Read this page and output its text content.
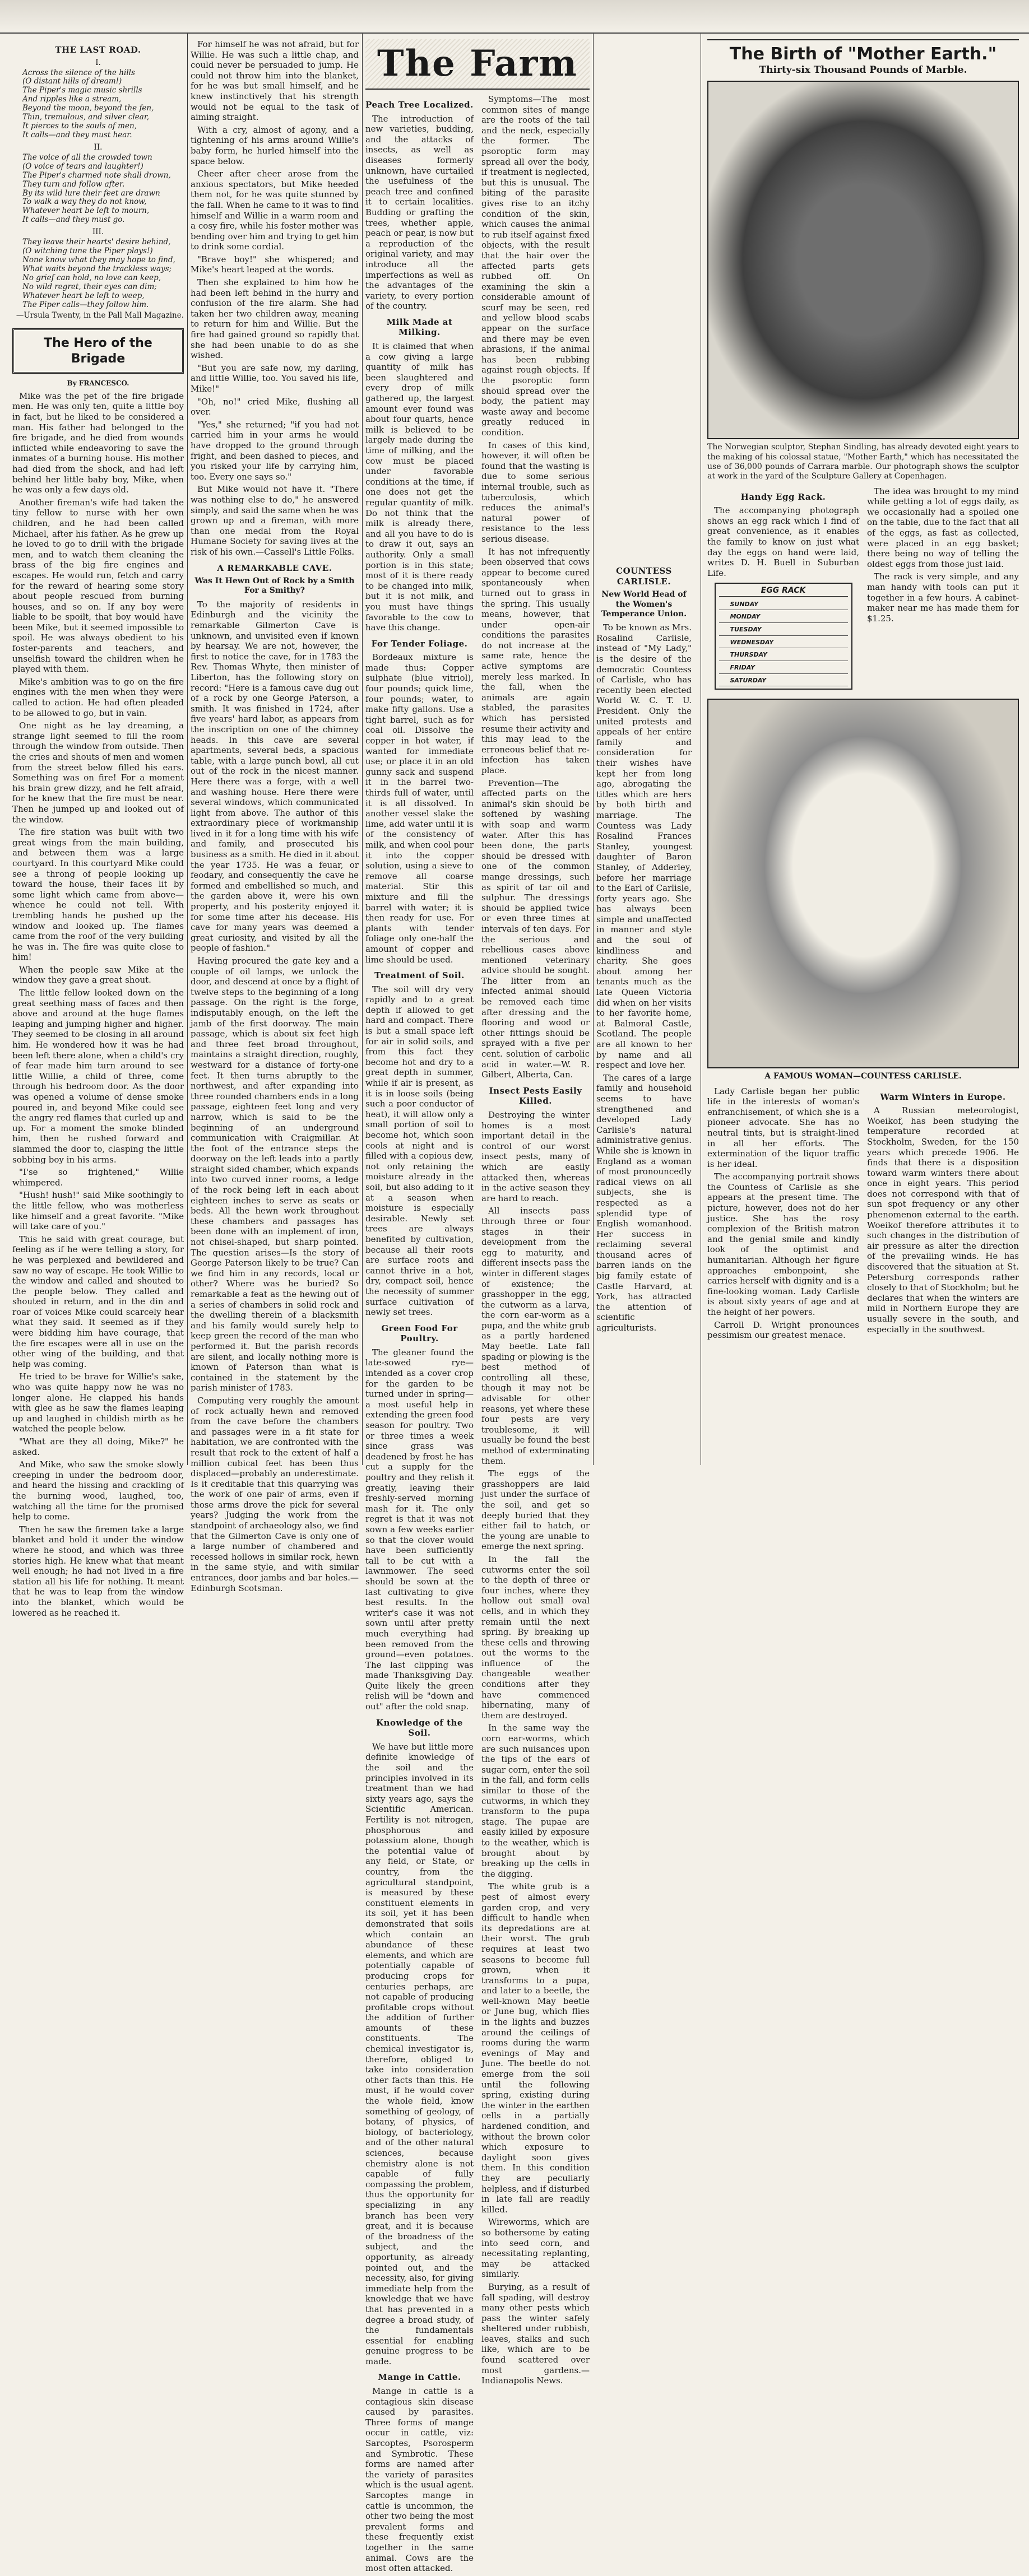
THE LAST ROAD.
I.

Across the silence of the hills

(O distant hills of dream!)

The Piper's magic music shrills

And ripples like a stream,

Beyond the moon, beyond the fen,

Thin, tremulous, and silver clear,

It pierces to the souls of men,

It calls—and they must hear.

II.

The voice of all the crowded town

(O voice of tears and laughter!)

The Piper's charmed note shall drown,

They turn and follow after.

By its wild lure their feet are drawn

To walk a way they do not know,

Whatever heart be left to mourn,

It calls—and they must go.

III.

They leave their hearts' desire behind,

(O witching tune the Piper plays!)

None know what they may hope to find,

What waits beyond the trackless ways;

No grief can hold, no love can keep,

No wild regret, their eyes can dim;

Whatever heart be left to weep,

The Piper calls—they follow him.

—Ursula Twenty, in the Pall Mall Magazine.
The Hero of the Brigade
By FRANCESCO.

Mike was the pet of the fire brigade men. He was only ten, quite a little boy in fact, but he liked to be considered a man. His father had belonged to the fire brigade, and he died from wounds inflicted while endeavoring to save the inmates of a burning house. His mother had died from the shock, and had left behind her little baby boy, Mike, when he was only a few days old.

Another fireman's wife had taken the tiny fellow to nurse with her own children, and he had been called Michael, after his father. As he grew up he loved to go to drill with the brigade men, and to watch them cleaning the brass of the big fire engines and escapes. He would run, fetch and carry for the reward of hearing some story about people rescued from burning houses, and so on. If any boy were liable to be spoilt, that boy would have been Mike, but it seemed impossible to spoil. He was always obedient to his foster-parents and teachers, and unselfish toward the children when he played with them.

Mike's ambition was to go on the fire engines with the men when they were called to action. He had often pleaded to be allowed to go, but in vain.

One night as he lay dreaming, a strange light seemed to fill the room through the window from outside. Then the cries and shouts of men and women from the street below filled his ears. Something was on fire! For a moment his brain grew dizzy, and he felt afraid, for he knew that the fire must be near. Then he jumped up and looked out of the window.

The fire station was built with two great wings from the main building, and between them was a large courtyard. In this courtyard Mike could see a throng of people looking up toward the house, their faces lit by some light which came from above—whence he could not tell. With trembling hands he pushed up the window and looked up. The flames came from the roof of the very building he was in. The fire was quite close to him!

When the people saw Mike at the window they gave a great shout.

The little fellow looked down on the great seething mass of faces and then above and around at the huge flames leaping and jumping higher and higher. They seemed to be closing in all around him. He wondered how it was he had been left there alone, when a child's cry of fear made him turn around to see little Willie, a child of three, come through his bedroom door. As the door was opened a volume of dense smoke poured in, and beyond Mike could see the angry red flames that curled up and up. For a moment the smoke blinded him, then he rushed forward and slammed the door to, clasping the little sobbing boy in his arms.

"I'se so frightened," Willie whimpered.

"Hush! hush!" said Mike soothingly to the little fellow, who was motherless like himself and a great favorite. "Mike will take care of you."

This he said with great courage, but feeling as if he were telling a story, for he was perplexed and bewildered and saw no way of escape. He took Willie to the window and called and shouted to the people below. They called and shouted in return, and in the din and roar of voices Mike could scarcely hear what they said. It seemed as if they were bidding him have courage, that the fire escapes were all in use on the other wing of the building, and that help was coming.

He tried to be brave for Willie's sake, who was quite happy now he was no longer alone. He clapped his hands with glee as he saw the flames leaping up and laughed in childish mirth as he watched the people below.

"What are they all doing, Mike?" he asked.

And Mike, who saw the smoke slowly creeping in under the bedroom door, and heard the hissing and crackling of the burning wood, laughed, too, watching all the time for the promised help to come.

Then he saw the firemen take a large blanket and hold it under the window where he stood, and which was three stories high. He knew what that meant well enough; he had not lived in a fire station all his life for nothing. It meant that he was to leap from the window into the blanket, which would be lowered as he reached it.

For himself he was not afraid, but for Willie. He was such a little chap, and could never be persuaded to jump. He could not throw him into the blanket, for he was but small himself, and he knew instinctively that his strength would not be equal to the task of aiming straight.

With a cry, almost of agony, and a tightening of his arms around Willie's baby form, he hurled himself into the space below.

Cheer after cheer arose from the anxious spectators, but Mike heeded them not, for he was quite stunned by the fall. When he came to it was to find himself and Willie in a warm room and a cosy fire, while his foster mother was bending over him and trying to get him to drink some cordial.

"Brave boy!" she whispered; and Mike's heart leaped at the words.

Then she explained to him how he had been left behind in the hurry and confusion of the fire alarm. She had taken her two children away, meaning to return for him and Willie. But the fire had gained ground so rapidly that she had been unable to do as she wished.

"But you are safe now, my darling, and little Willie, too. You saved his life, Mike!"

"Oh, no!" cried Mike, flushing all over.

"Yes," she returned; "if you had not carried him in your arms he would have dropped to the ground through fright, and been dashed to pieces, and you risked your life by carrying him, too. Every one says so."

But Mike would not have it. "There was nothing else to do," he answered simply, and said the same when he was grown up and a fireman, with more than one medal from the Royal Humane Society for saving lives at the risk of his own.—Cassell's Little Folks.

A REMARKABLE CAVE.
Was It Hewn Out of Rock by a Smith For a Smithy?

To the majority of residents in Edinburgh and the vicinity the remarkable Gilmerton Cave is unknown, and unvisited even if known by hearsay. We are not, however, the first to notice the cave, for in 1783 the Rev. Thomas Whyte, then minister of Liberton, has the following story on record: "Here is a famous cave dug out of a rock by one George Paterson, a smith. It was finished in 1724, after five years' hard labor, as appears from the inscription on one of the chimney heads. In this cave are several apartments, several beds, a spacious table, with a large punch bowl, all cut out of the rock in the nicest manner. Here there was a forge, with a well and washing house. Here there were several windows, which communicated light from above. The author of this extraordinary piece of workmanship lived in it for a long time with his wife and family, and prosecuted his business as a smith. He died in it about the year 1735. He was a feuar, or feodary, and consequently the cave he formed and embellished so much, and the garden above it, were his own property, and his posterity enjoyed it for some time after his decease. His cave for many years was deemed a great curiosity, and visited by all the people of fashion."

Having procured the gate key and a couple of oil lamps, we unlock the door, and descend at once by a flight of twelve steps to the beginning of a long passage. On the right is the forge, indisputably enough, on the left the jamb of the first doorway. The main passage, which is about six feet high and three feet broad throughout, maintains a straight direction, roughly, westward for a distance of forty-one feet. It then turns abruptly to the northwest, and after expanding into three rounded chambers ends in a long passage, eighteen feet long and very narrow, which is said to be the beginning of an underground communication with Craigmillar. At the foot of the entrance steps the doorway on the left leads into a partly straight sided chamber, which expands into two curved inner rooms, a ledge of the rock being left in each about eighteen inches to serve as seats or beds. All the hewn work throughout these chambers and passages has been done with an implement of iron, not chisel-shaped, but sharp pointed. The question arises—Is the story of George Paterson likely to be true? Can we find him in any records, local or other? Where was he buried? So remarkable a feat as the hewing out of a series of chambers in solid rock and the dwelling therein of a blacksmith and his family would surely help to keep green the record of the man who performed it. But the parish records are silent, and locally nothing more is known of Paterson than what is contained in the statement by the parish minister of 1783.

Computing very roughly the amount of rock actually hewn and removed from the cave before the chambers and passages were in a fit state for habitation, we are confronted with the result that rock to the extent of half a million cubical feet has been thus displaced—probably an underestimate. Is it creditable that this quarrying was the work of one pair of arms, even if those arms drove the pick for several years? Judging the work from the standpoint of archaeology also, we find that the Gilmerton Cave is only one of a large number of chambered and recessed hollows in similar rock, hewn in the same style, and with similar entrances, door jambs and bar holes.—Edinburgh Scotsman.

The Farm
Peach Tree Localized.

The introduction of new varieties, budding, and the attacks of insects, as well as diseases formerly unknown, have curtailed the usefulness of the peach tree and confined it to certain localities. Budding or grafting the trees, whether apple, peach or pear, is now but a reproduction of the original variety, and may introduce all the imperfections as well as the advantages of the variety, to every portion of the country.

Milk Made at Milking.

It is claimed that when a cow giving a large quantity of milk has been slaughtered and every drop of milk gathered up, the largest amount ever found was about four quarts, hence milk is believed to be largely made during the time of milking, and the cow must be placed under favorable conditions at the time, if one does not get the regular quantity of milk. Do not think that the milk is already there, and all you have to do is to draw it out, says an authority. Only a small portion is in this state; most of it is there ready to be changed into milk, but it is not milk, and you must have things favorable to the cow to have this change.

For Tender Foliage.

Bordeaux mixture is made thus: Copper sulphate (blue vitriol), four pounds; quick lime, four pounds; water, to make fifty gallons. Use a tight barrel, such as for coal oil. Dissolve the copper in hot water, if wanted for immediate use; or place it in an old gunny sack and suspend it in the barrel two-thirds full of water, until it is all dissolved. In another vessel slake the lime, add water until it is of the consistency of milk, and when cool pour it into the copper solution, using a sieve to remove all coarse material. Stir this mixture and fill the barrel with water; it is then ready for use. For plants with tender foliage only one-half the amount of copper and lime should be used.

Treatment of Soil.

The soil will dry very rapidly and to a great depth if allowed to get hard and compact. There is but a small space left for air in solid soils, and from this fact they become hot and dry to a great depth in summer, while if air is present, as it is in loose soils (being such a poor conductor of heat), it will allow only a small portion of soil to become hot, which soon cools at night and is filled with a copious dew, not only retaining the moisture already in the soil, but also adding to it at a season when moisture is especially desirable. Newly set trees are always benefited by cultivation, because all their roots are surface roots and cannot thrive in a hot, dry, compact soil, hence the necessity of summer surface cultivation of newly set trees.

Green Food For Poultry.

The gleaner found the late-sowed rye—intended as a cover crop for the garden to be turned under in spring—a most useful help in extending the green food season for poultry. Two or three times a week since grass was deadened by frost he has cut a supply for the poultry and they relish it greatly, leaving their freshly-served morning mash for it. The only regret is that it was not sown a few weeks earlier so that the clover would have been sufficiently tall to be cut with a lawnmower. The seed should be sown at the last cultivating to give best results. In the writer's case it was not sown until after pretty much everything had been removed from the ground—even potatoes. The last clipping was made Thanksgiving Day. Quite likely the green relish will be "down and out" after the cold snap.

Knowledge of the Soil.

We have but little more definite knowledge of the soil and the principles involved in its treatment than we had sixty years ago, says the Scientific American. Fertility is not nitrogen, phosphorous and potassium alone, though the potential value of any field, or State, or country, from the agricultural standpoint, is measured by these constituent elements in its soil, yet it has been demonstrated that soils which contain an abundance of these elements, and which are potentially capable of producing crops for centuries perhaps, are not capable of producing profitable crops without the addition of further amounts of these constituents. The chemical investigator is, therefore, obliged to take into consideration other facts than this. He must, if he would cover the whole field, know something of geology, of botany, of physics, of biology, of bacteriology, and of the other natural sciences, because chemistry alone is not capable of fully compassing the problem, thus the opportunity for specializing in any branch has been very great, and it is because of the broadness of the subject, and the opportunity, as already pointed out, and the necessity, also, for giving immediate help from the knowledge that we have that has prevented in a degree a broad study, of the fundamentals essential for enabling genuine progress to be made.

Mange in Cattle.

Mange in cattle is a contagious skin disease caused by parasites. Three forms of mange occur in cattle, viz: Sarcoptes, Psorosperm and Symbrotic. These forms are named after the variety of parasites which is the usual agent. Sarcoptes mange in cattle is uncommon, the other two being the most prevalent forms and these frequently exist together in the same animal. Cows are the most often attacked.

Symptoms—The most common sites of mange are the roots of the tail and the neck, especially the former. The psoroptic form may spread all over the body, if treatment is neglected, but this is unusual. The biting of the parasite gives rise to an itchy condition of the skin, which causes the animal to rub itself against fixed objects, with the result that the hair over the affected parts gets rubbed off. On examining the skin a considerable amount of scurf may be seen, red and yellow blood scabs appear on the surface and there may be even abrasions, if the animal has been rubbing against rough objects. If the psoroptic form should spread over the body, the patient may waste away and become greatly reduced in condition.

In cases of this kind, however, it will often be found that the wasting is due to some serious internal trouble, such as tuberculosis, which reduces the animal's natural power of resistance to the less serious disease.

It has not infrequently been observed that cows appear to become cured spontaneously when turned out to grass in the spring. This usually means, however, that under open-air conditions the parasites do not increase at the same rate, hence the active symptoms are merely less marked. In the fall, when the animals are again stabled, the parasites which has persisted resume their activity and this may lead to the erroneous belief that re-infection has taken place.

Prevention—The affected parts on the animal's skin should be softened by washing with soap and warm water. After this has been done, the parts should be dressed with one of the common mange dressings, such as spirit of tar oil and sulphur. The dressings should be applied twice or even three times at intervals of ten days. For the serious and rebellious cases above mentioned veterinary advice should be sought. The litter from an infected animal should be removed each time after dressing and the flooring and wood or other fittings should be sprayed with a five per cent. solution of carbolic acid in water.—W. R. Gilbert, Alberta, Can.

Insect Pests Easily Killed.

Destroying the winter homes is a most important detail in the control of our worst insect pests, many of which are easily attacked then, whereas in the active season they are hard to reach.

All insects pass through three or four stages in their development from the egg to maturity, and different insects pass the winter in different stages of existence; the grasshopper in the egg, the cutworm as a larva, the corn ear-worm as a pupa, and the white grub as a partly hardened May beetle. Late fall spading or plowing is the best method of controlling all these, though it may not be advisable for other reasons, yet where these four pests are very troublesome, it will usually be found the best method of exterminating them.

The eggs of the grasshoppers are laid just under the surface of the soil, and get so deeply buried that they either fail to hatch, or the young are unable to emerge the next spring.

In the fall the cutworms enter the soil to the depth of three or four inches, where they hollow out small oval cells, and in which they remain until the next spring. By breaking up these cells and throwing out the worms to the influence of the changeable weather conditions after they have commenced hibernating, many of them are destroyed.

In the same way the corn ear-worms, which are such nuisances upon the tips of the ears of sugar corn, enter the soil in the fall, and form cells similar to those of the cutworms, in which they transform to the pupa stage. The pupae are easily killed by exposure to the weather, which is brought about by breaking up the cells in the digging.

The white grub is a pest of almost every garden crop, and very difficult to handle when its depredations are at their worst. The grub requires at least two seasons to become full grown, when it transforms to a pupa, and later to a beetle, the well-known May beetle or June bug, which flies in the lights and buzzes around the ceilings of rooms during the warm evenings of May and June. The beetle do not emerge from the soil until the following spring, existing during the winter in the earthen cells in a partially hardened condition, and without the brown color which exposure to daylight soon gives them. In this condition they are peculiarly helpless, and if disturbed in late fall are readily killed.

Wireworms, which are so bothersome by eating into seed corn, and necessitating replanting, may be attacked similarly.

Burying, as a result of fall spading, will destroy many other pests which pass the winter safely sheltered under rubbish, leaves, stalks and such like, which are to be found scattered over most gardens.—Indianapolis News.

COUNTESS CARLISLE.
New World Head of the Women's Temperance Union.

To be known as Mrs. Rosalind Carlisle, instead of "My Lady," is the desire of the democratic Countess of Carlisle, who has recently been elected World W. C. T. U. President. Only the united protests and appeals of her entire family and consideration for their wishes have kept her from long ago, abrogating the titles which are hers by both birth and marriage. The Countess was Lady Rosalind Frances Stanley, youngest daughter of Baron Stanley, of Adderley, before her marriage to the Earl of Carlisle, forty years ago. She has always been simple and unaffected in manner and style and the soul of kindliness and charity. She goes about among her tenants much as the late Queen Victoria did when on her visits to her favorite home, at Balmoral Castle, Scotland. The people are all known to her by name and all respect and love her.

The cares of a large family and household seems to have strengthened and developed Lady Carlisle's natural administrative genius. While she is known in England as a woman of most pronouncedly radical views on all subjects, she is respected as a splendid type of English womanhood. Her success in reclaiming several thousand acres of barren lands on the big family estate of Castle Harvard, at York, has attracted the attention of scientific agriculturists.

The Birth of "Mother Earth."
Thirty-six Thousand Pounds of Marble.
The Norwegian sculptor, Stephan Sindling, has already devoted eight years to the making of his colossal statue, "Mother Earth," which has necessitated the use of 36,000 pounds of Carrara marble. Our photograph shows the sculptor at work in the yard of the Sculpture Gallery at Copenhagen.
Handy Egg Rack.

The accompanying photograph shows an egg rack which I find of great convenience, as it enables the family to know on just what day the eggs on hand were laid, writes D. H. Buell in Suburban Life.

EGG RACK
SUNDAY
MONDAY
TUESDAY
WEDNESDAY
THURSDAY
FRIDAY
SATURDAY

The idea was brought to my mind while getting a lot of eggs daily, as we occasionally had a spoiled one on the table, due to the fact that all of the eggs, as fast as collected, were placed in an egg basket; there being no way of telling the oldest eggs from those just laid.

The rack is very simple, and any man handy with tools can put it together in a few hours. A cabinet-maker near me has made them for $1.25.

A FAMOUS WOMAN—COUNTESS CARLISLE.

Lady Carlisle began her public life in the interests of woman's enfranchisement, of which she is a pioneer advocate. She has no neutral tints, but is straight-lined in all her efforts. The extermination of the liquor traffic is her ideal.

The accompanying portrait shows the Countess of Carlisle as she appears at the present time. The picture, however, does not do her justice. She has the rosy complexion of the British matron and the genial smile and kindly look of the optimist and humanitarian. Although her figure approaches embonpoint, she carries herself with dignity and is a fine-looking woman. Lady Carlisle is about sixty years of age and at the height of her powers.

Carroll D. Wright pronounces pessimism our greatest menace.

Warm Winters in Europe.

A Russian meteorologist, Woeikof, has been studying the temperature recorded at Stockholm, Sweden, for the 150 years which precede 1906. He finds that there is a disposition toward warm winters there about once in eight years. This period does not correspond with that of sun spot frequency or any other phenomenon external to the earth. Woeikof therefore attributes it to such changes in the distribution of air pressure as alter the direction of the prevailing winds. He has discovered that the situation at St. Petersburg corresponds rather closely to that of Stockholm; but he declares that when the winters are mild in Northern Europe they are usually severe in the south, and especially in the southwest.
